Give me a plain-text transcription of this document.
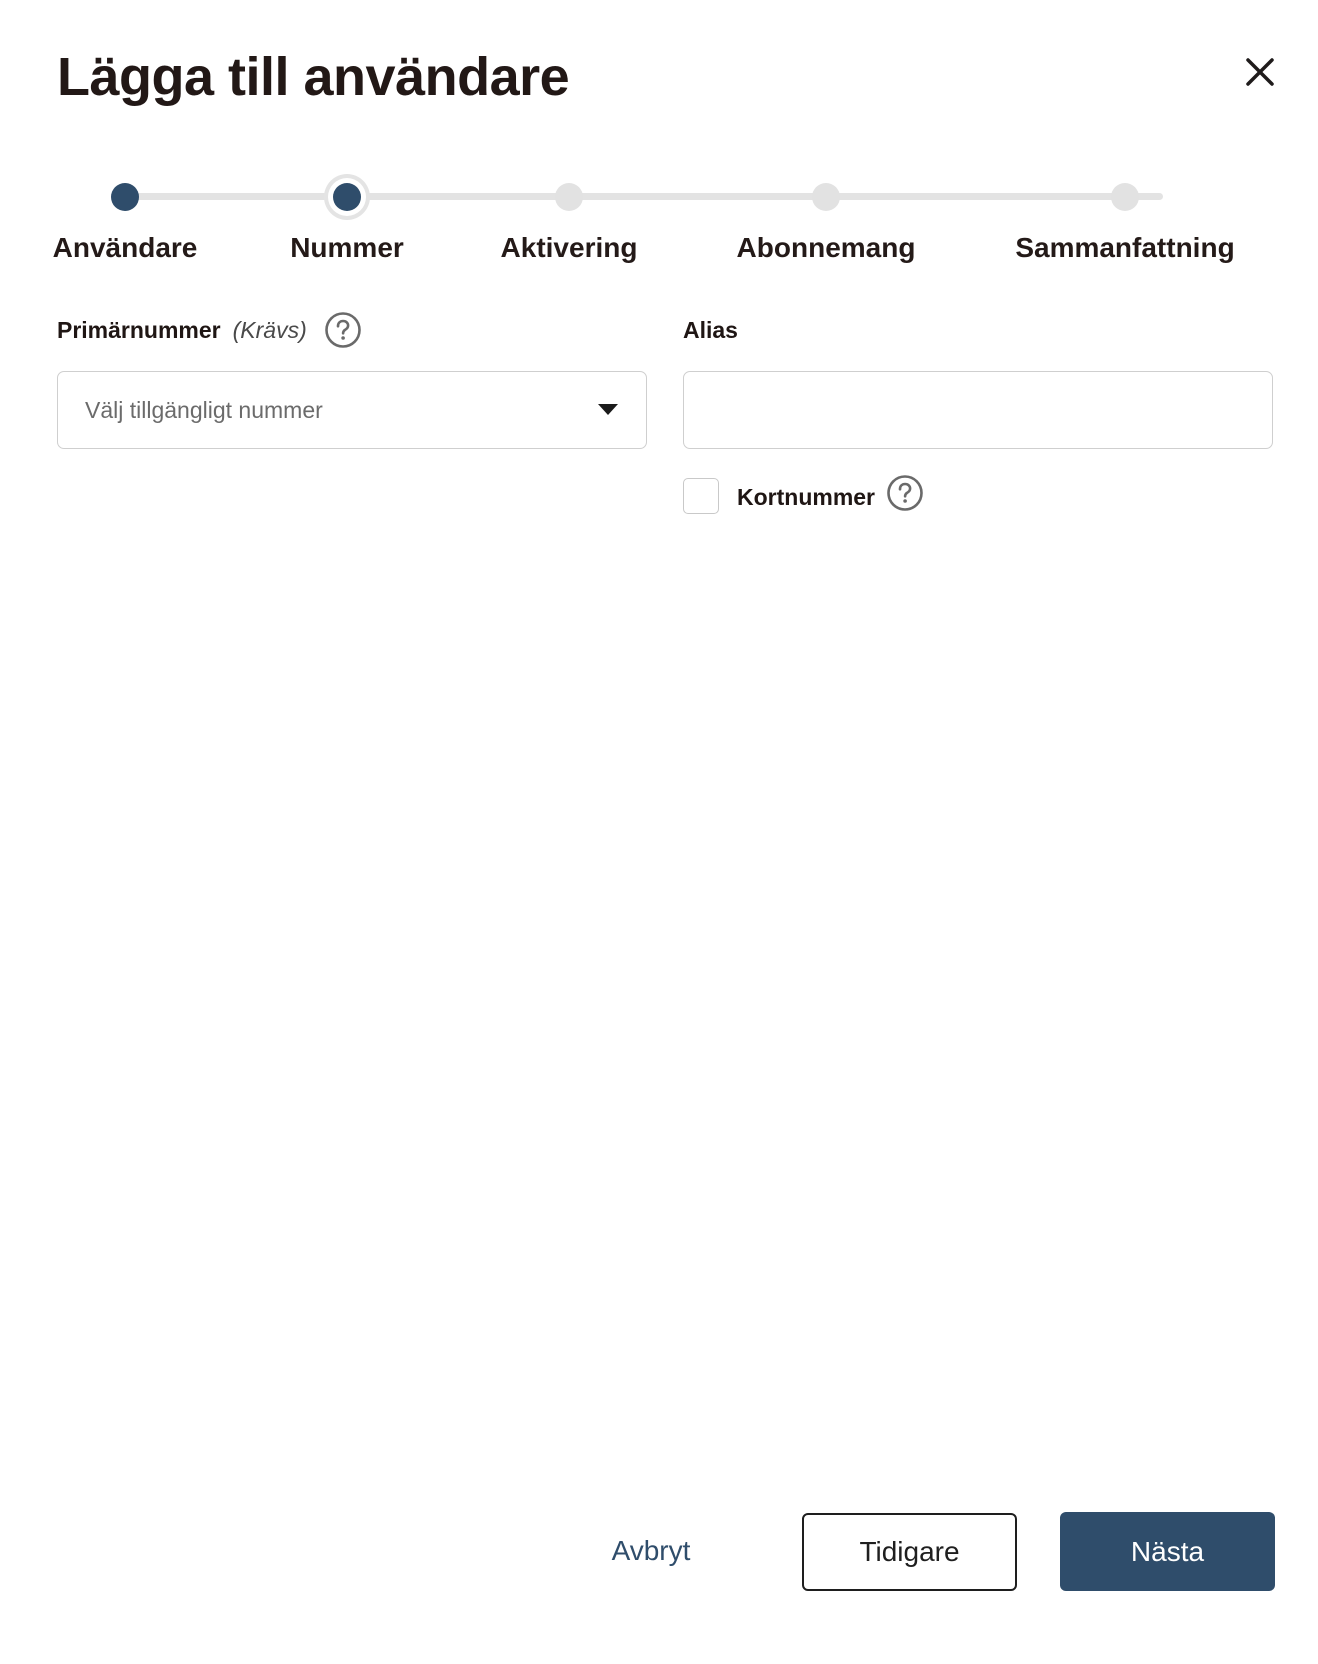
Lägga till användare
Användare	Nummer	Aktivering	Abonnemang	Sammanfattning
Primärnummer (Krävs)
Välj tillgängligt nummer
Alias
Kortnummer
Avbryt	Tidigare	Nästa
